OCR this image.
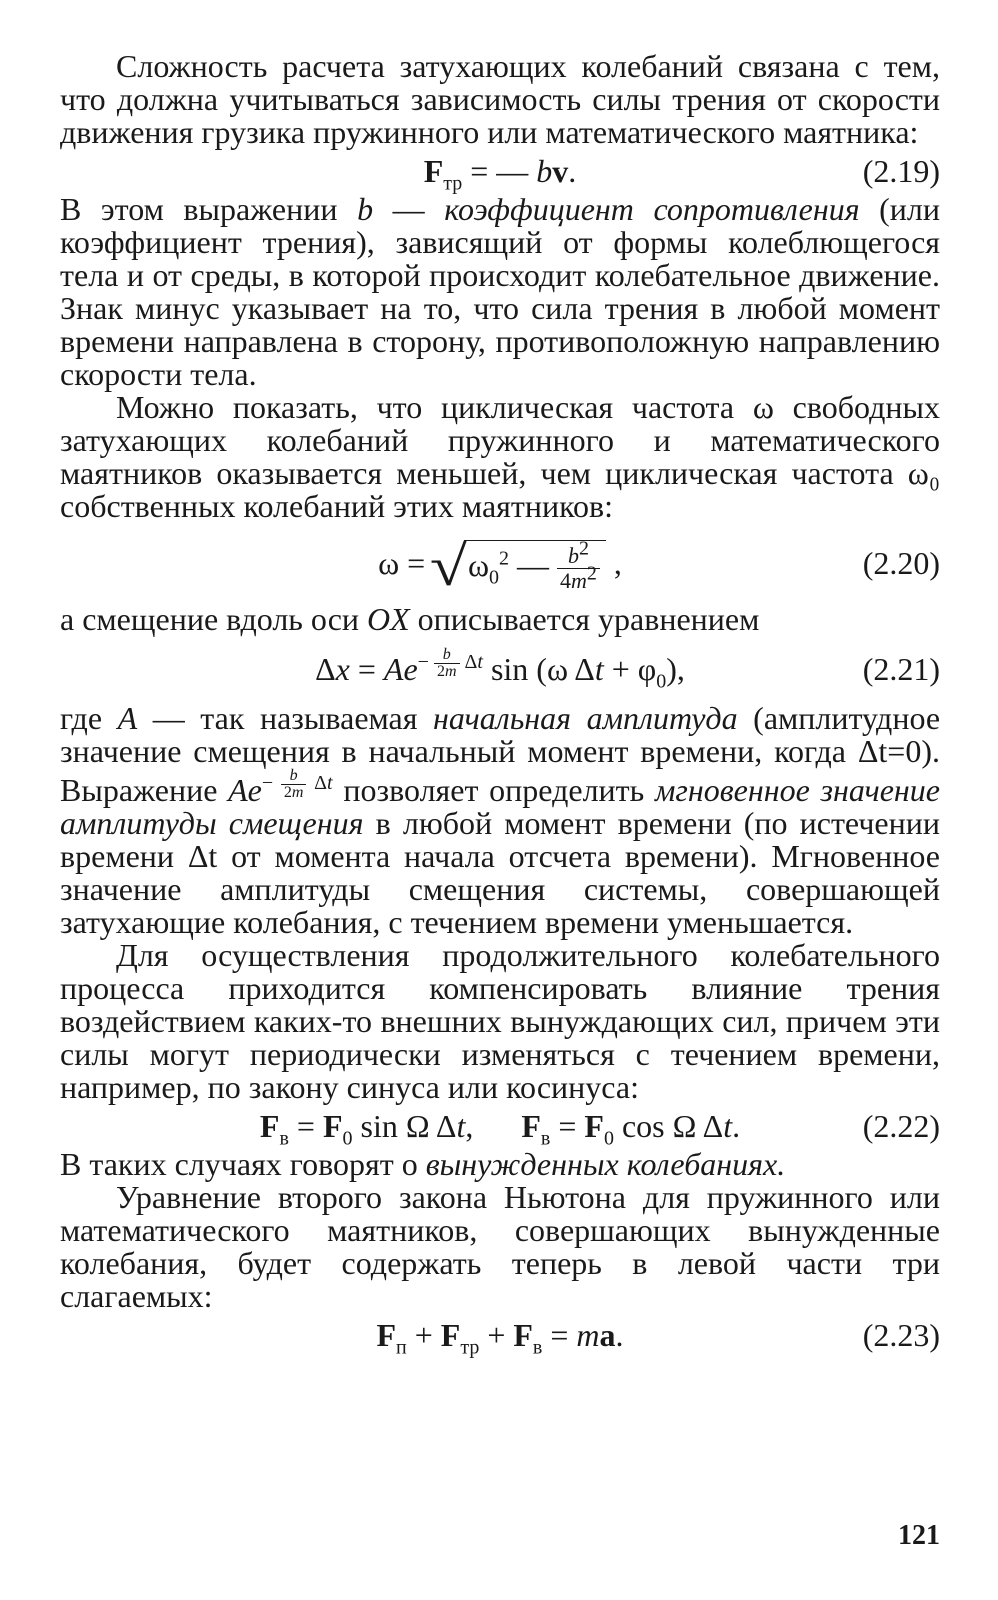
Сложность расчета затухающих колебаний связана с тем, что должна учитываться зависимость силы трения от скорости движения грузика пружинного или математического маятника:

$F_{тр}$ = — bv.	(2.19)

В этом выражении b — коэффициент сопротивления (или коэффициент трения), зависящий от формы колеблющегося тела и от среды, в которой происходит колебательное движение. Знак минус указывает на то, что сила трения в любой момент времени направлена в сторону, противоположную направлению скорости тела.

Можно показать, что циклическая частота ω свободных затухающих колебаний пружинного и математического маятников оказывается меньшей, чем циклическая частота ω₀ собственных колебаний этих маятников:

$\omega = √\omega_0^2$ — $\frac{b^2}{4m^2}$ ,	(2.20)

а смещение вдоль оси OX описывается уравнением

$\Delta x = Ae^{- \frac{b}{2m} \Delta t}$ sin (ω $\Delta t + \varphi_0$),	(2.21)

где A — так называемая начальная амплитуда (амплитудное значение смещения в начальный момент времени, когда Δt=0). Выражение $Ae^{- \frac{b}{2m} \Delta t}$ позволяет определить мгновенное значение амплитуды смещения в любой момент времени (по истечении времени Δt от момента начала отсчета времени). Мгновенное значение амплитуды смещения системы, совершающей затухающие колебания, с течением времени уменьшается.

Для осуществления продолжительного колебательного процесса приходится компенсировать влияние трения воздействием каких-то внешних вынуждающих сил, причем эти силы могут периодически изменяться с течением времени, например, по закону синуса или косинуса:

$F_в = F_0$ sin Ω Δt,      $F_в = F_0$ cos Ω Δt.	(2.22)

В таких случаях говорят о вынужденных колебаниях.

Уравнение второго закона Ньютона для пружинного или математического маятников, совершающих вынужденные колебания, будет содержать теперь в левой части три слагаемых:

$F_п + F_{тр} + F_в$ = ma.	(2.23)
121
